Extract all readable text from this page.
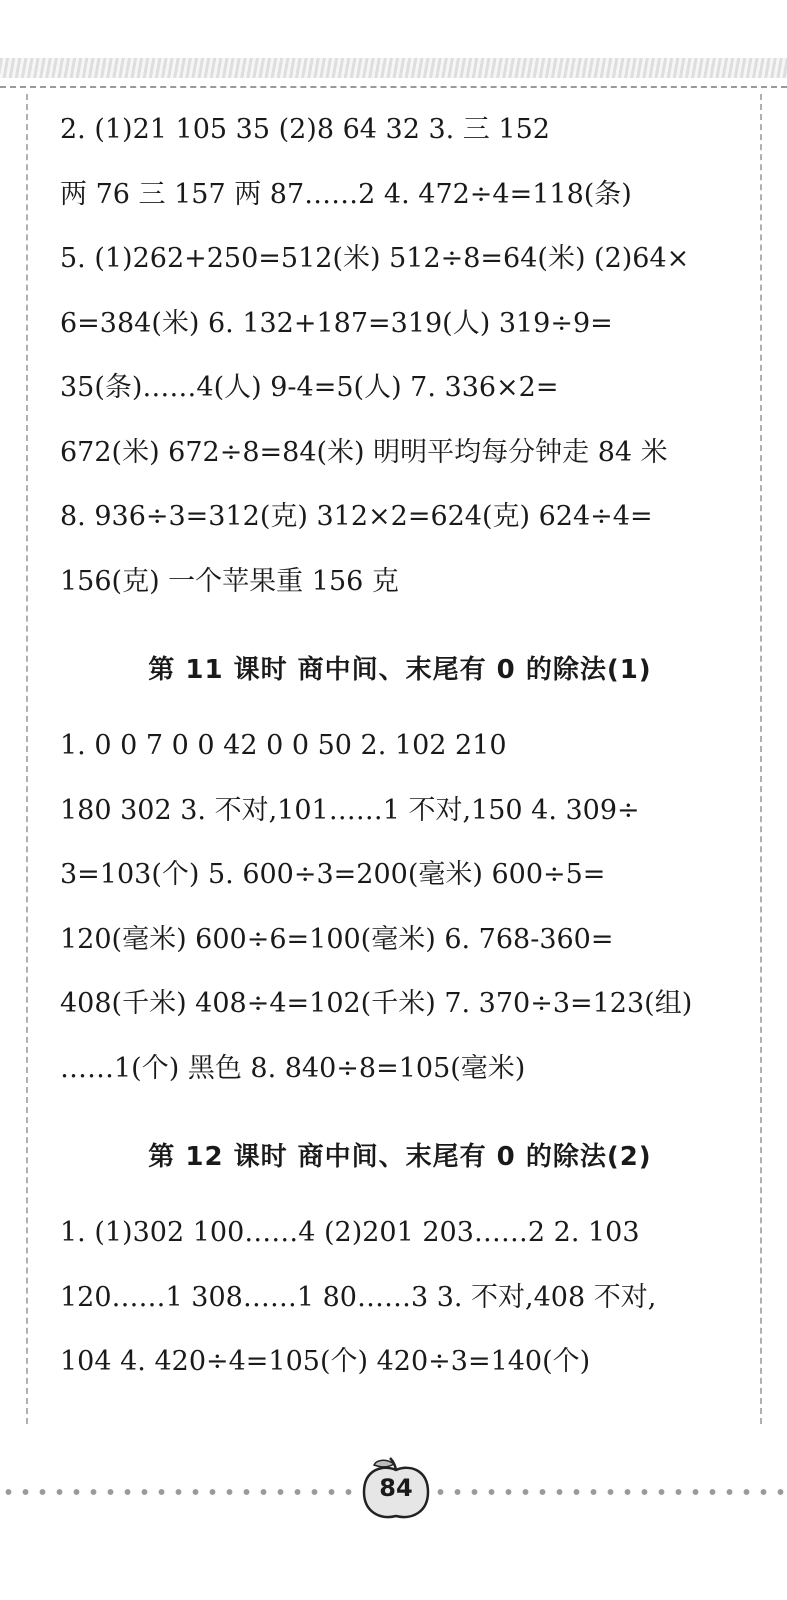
2. (1)21 105 35 (2)8 64 32 3. 三 152
两 76 三 157 两 87……2 4. 472÷4=118(条)
5. (1)262+250=512(米) 512÷8=64(米) (2)64×
6=384(米) 6. 132+187=319(人) 319÷9=
35(条)……4(人) 9-4=5(人) 7. 336×2=
672(米) 672÷8=84(米) 明明平均每分钟走 84 米
8. 936÷3=312(克) 312×2=624(克) 624÷4=
156(克) 一个苹果重 156 克
第 11 课时 商中间、末尾有 0 的除法(1)
1. 0 0 7 0 0 42 0 0 50 2. 102 210
180 302 3. 不对,101……1 不对,150 4. 309÷
3=103(个) 5. 600÷3=200(毫米) 600÷5=
120(毫米) 600÷6=100(毫米) 6. 768-360=
408(千米) 408÷4=102(千米) 7. 370÷3=123(组)
……1(个) 黑色 8. 840÷8=105(毫米)
第 12 课时 商中间、末尾有 0 的除法(2)
1. (1)302 100……4 (2)201 203……2 2. 103
120……1 308……1 80……3 3. 不对,408 不对,
104 4. 420÷4=105(个) 420÷3=140(个)
84
